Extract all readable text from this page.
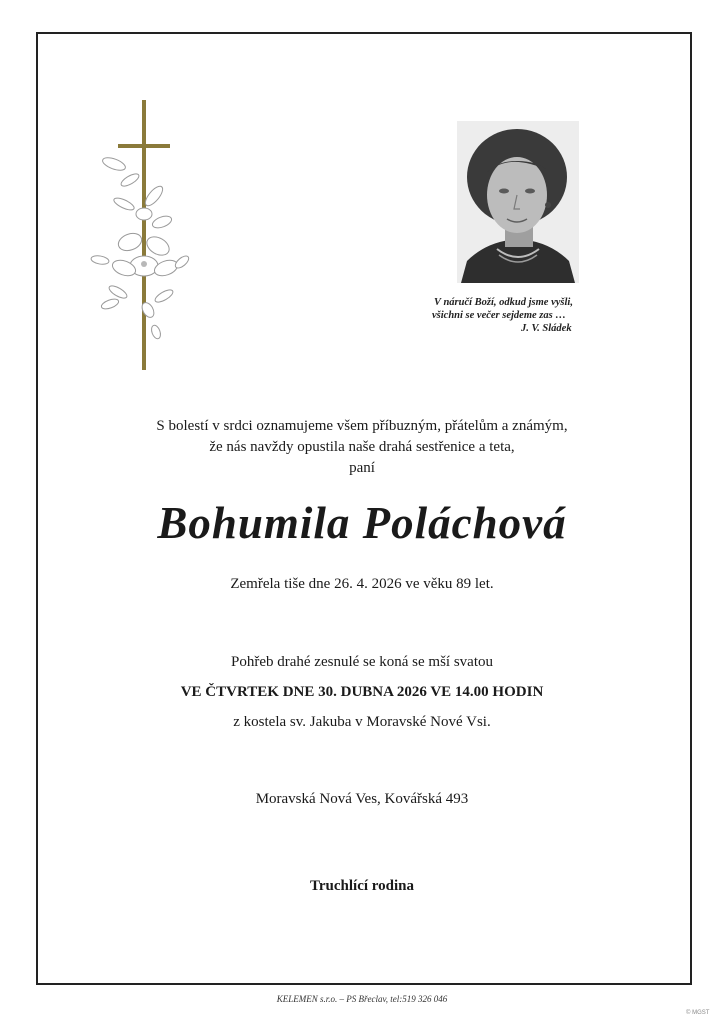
V náručí Boží, odkud jsme vyšli,
všichni se večer sejdeme zas …
J. V. Sládek
S bolestí v srdci oznamujeme všem příbuzným, přátelům a známým,
že nás navždy opustila naše drahá sestřenice a teta,
paní
Bohumila Poláchová
Zemřela tiše dne 26. 4. 2026 ve věku 89 let.
Pohřeb drahé zesnulé se koná se mší svatou
VE ČTVRTEK DNE 30. DUBNA 2026 VE 14.00 HODIN
z kostela sv. Jakuba v Moravské Nové Vsi.
Moravská Nová Ves, Kovářská 493
Truchlící rodina
KELEMEN s.r.o. – PS Břeclav, tel:519 326 046
© MGST
